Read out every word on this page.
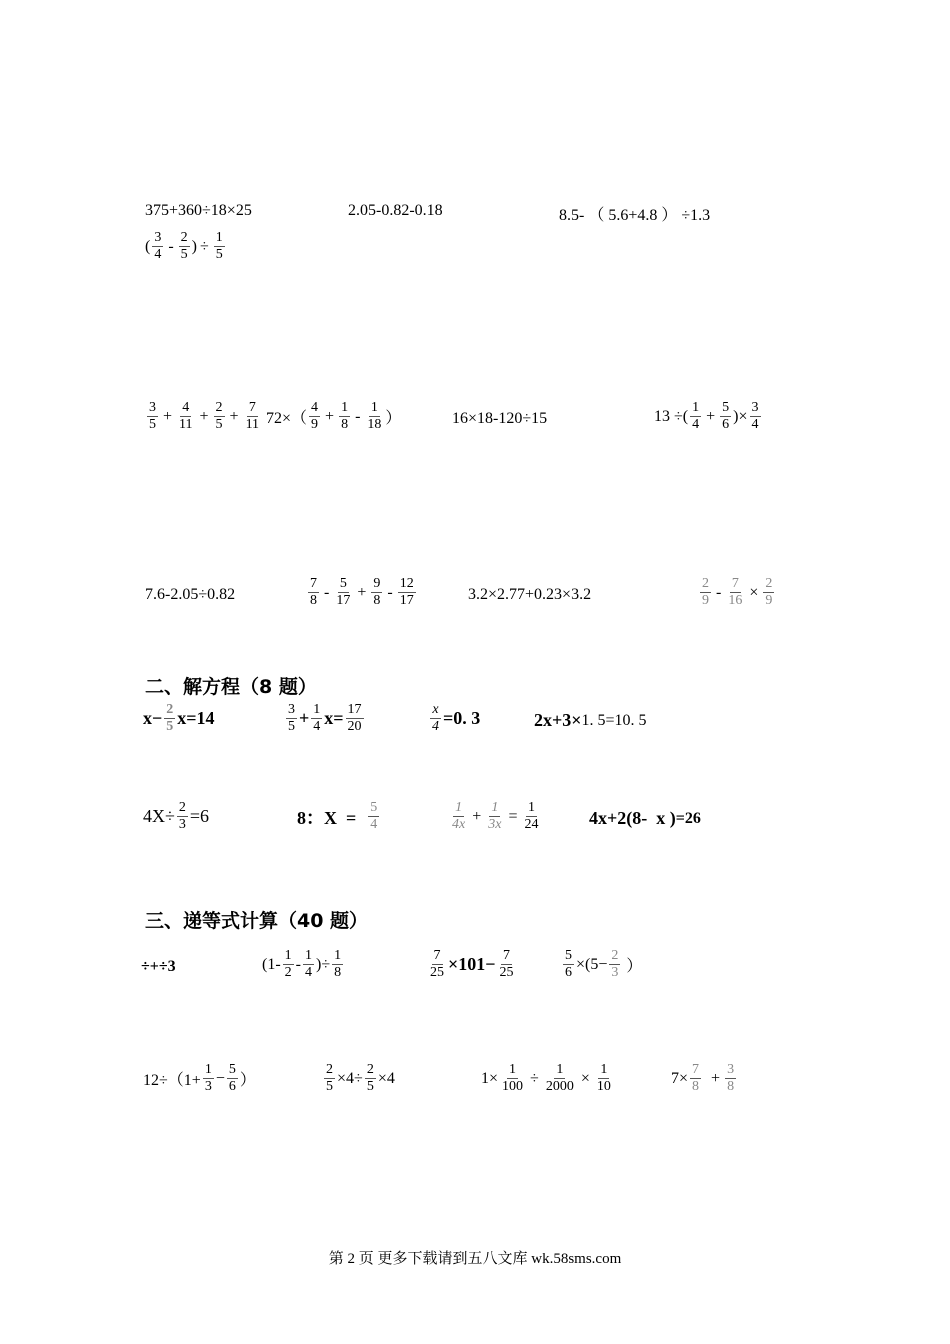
375+360÷18×25	2.05-0.82-0.18	8.5- （ 5.6+4.8 ） ÷1.3
( $\frac{3}{4} - \frac{2}{5}$ ) ÷ $\frac{1}{5}$
$\frac{3}{5} + \frac{4}{11} + \frac{2}{5} + \frac{7}{11} 72\times( \frac{4}{9} + \frac{1}{8} - \frac{1}{18}$ ）	16×18-120÷15	13 ÷( $\frac{1}{4} + \frac{5}{6}$ )× $\frac{3}{4}$
7.6-2.05÷0.82	$\frac{7}{8} - \frac{5}{17} + \frac{9}{8} - \frac{12}{17}$	3.2×2.77+0.23×3.2	$\frac{2}{9} - \frac{7}{16} \times \frac{2}{9}$
二、解方程（8 题）
$x- \frac{2}{5} x=14$	$\frac{3}{5} + \frac{1}{4} x= \frac{17}{20}$	$\frac{x}{4} =0$. 3	2x+3× 1. 5=10. 5
$4X\div \frac{2}{3} =6$	8：$X = \frac{5}{4}$	$\frac{1}{4x} + \frac{1}{3x} = \frac{1}{24}$	4x+2(8-  x ) =26
三、递等式计算（40 题）
÷+÷3	($1- \frac{1}{2} - \frac{1}{4}$ )÷ $\frac{1}{8}$	$\frac{7}{25} \times 101- \frac{7}{25}$	$\frac{5}{6} \times(5- \frac{2}{3}$ ）
$12\div(1+ \frac{1}{3} - \frac{5}{6}$ ）	$\frac{2}{5} \times 4\div \frac{2}{5} \times 4$	$1\times \frac{1}{100} \div \frac{1}{2000} \times \frac{1}{10}$	$7\times \frac{7}{8} + \frac{3}{8}$
第 2 页 更多下载请到五八文库 wk.58sms.com
